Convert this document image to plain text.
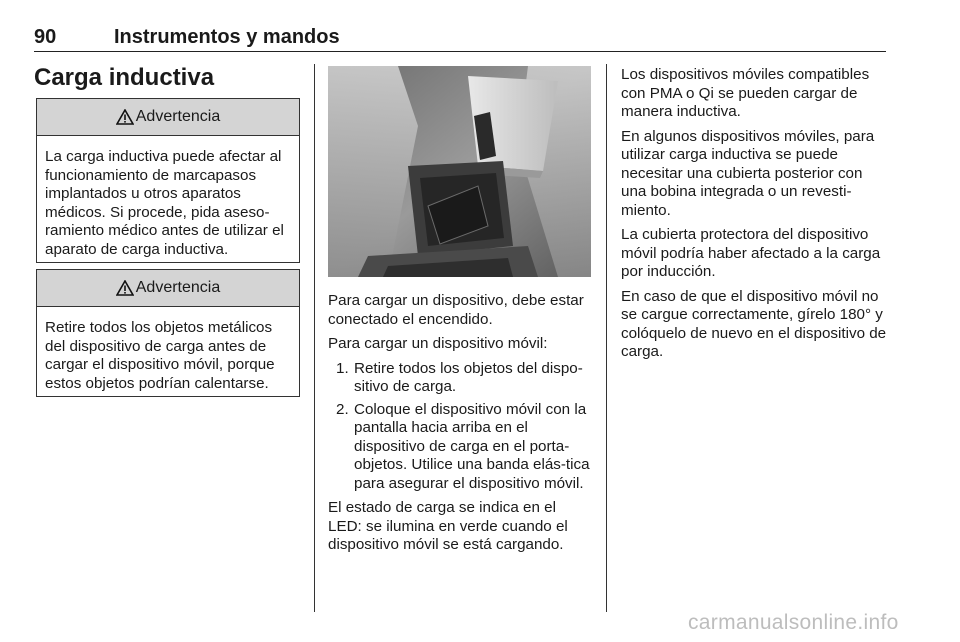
90	Instrumentos y mandos
Carga inductiva
Advertencia
La carga inductiva puede afectar al funcionamiento de marcapasos implantados u otros aparatos médicos. Si procede, pida aseso-ramiento médico antes de utilizar el aparato de carga inductiva.
Advertencia
Retire todos los objetos metálicos del dispositivo de carga antes de cargar el dispositivo móvil, porque estos objetos podrían calentarse.

Para cargar un dispositivo, debe estar conectado el encendido.

Para cargar un dispositivo móvil:

1. Retire todos los objetos del dispo-sitivo de carga.
2. Coloque el dispositivo móvil con la pantalla hacia arriba en el dispositivo de carga en el porta-objetos. Utilice una banda elás-tica para asegurar el dispositivo móvil.

El estado de carga se indica en el LED: se ilumina en verde cuando el dispositivo móvil se está cargando.

Los dispositivos móviles compatibles con PMA o Qi se pueden cargar de manera inductiva.

En algunos dispositivos móviles, para utilizar carga inductiva se puede necesitar una cubierta posterior con una bobina integrada o un revesti-miento.

La cubierta protectora del dispositivo móvil podría haber afectado a la carga por inducción.

En caso de que el dispositivo móvil no se cargue correctamente, gírelo 180° y colóquelo de nuevo en el dispositivo de carga.

carmanualsonline.info
